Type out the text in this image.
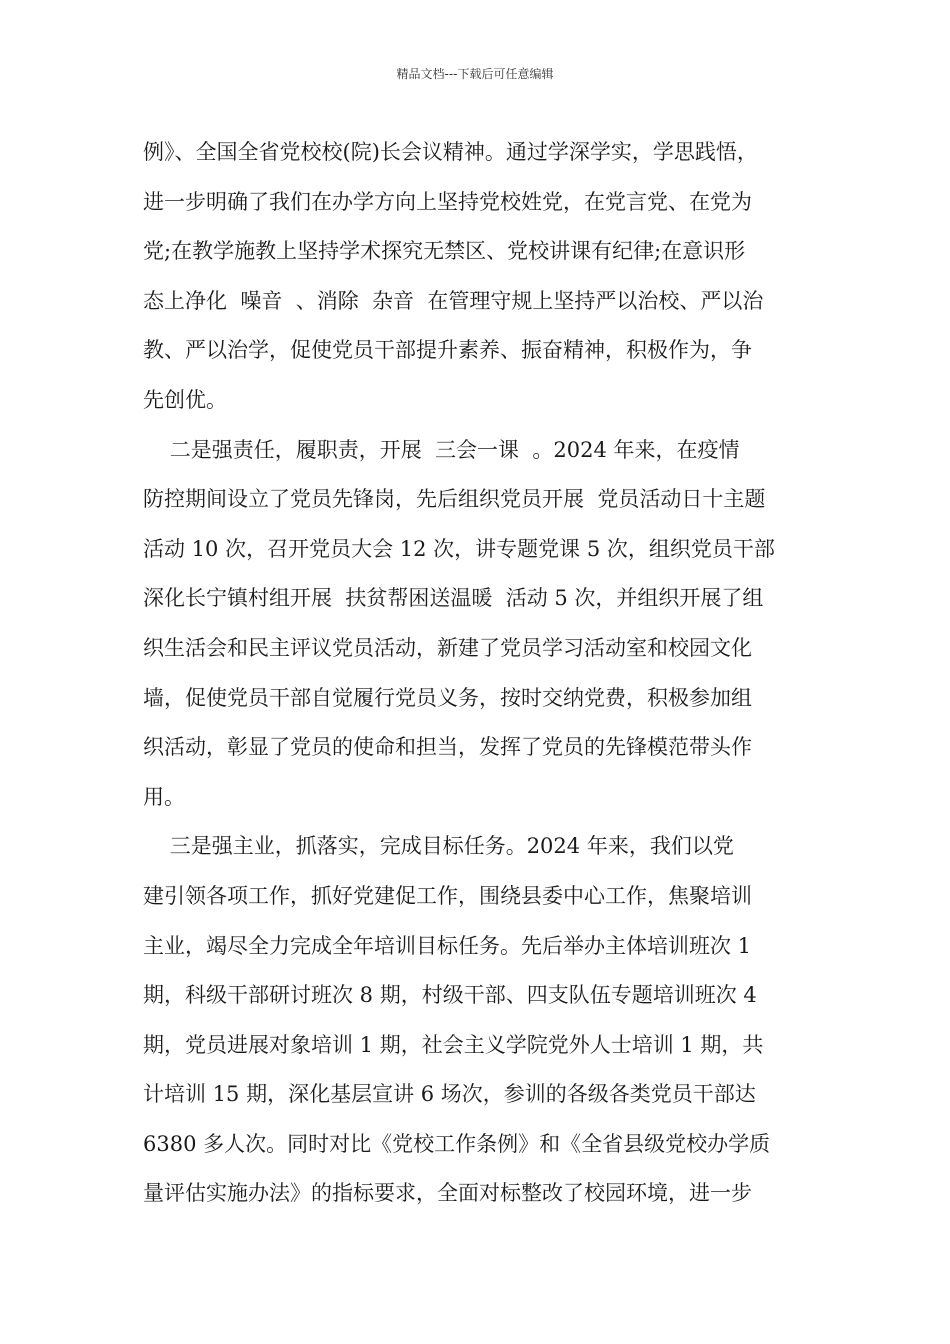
精品文档---下载后可任意编辑
例》、全国全省党校校(院)长会议精神。通过学深学实，学思践悟，
进一步明确了我们在办学方向上坚持党校姓党，在党言党、在党为
党;在教学施教上坚持学术探究无禁区、党校讲课有纪律;在意识形
态上净化  噪音  、消除  杂音  在管理守规上坚持严以治校、严以治
教、严以治学，促使党员干部提升素养、振奋精神，积极作为，争
先创优。
二是强责任，履职责，开展  三会一课  。2024 年来，在疫情
防控期间设立了党员先锋岗，先后组织党员开展  党员活动日十主题
活动 10 次，召开党员大会 12 次，讲专题党课 5 次，组织党员干部
深化长宁镇村组开展  扶贫帮困送温暖  活动 5 次，并组织开展了组
织生活会和民主评议党员活动，新建了党员学习活动室和校园文化
墙，促使党员干部自觉履行党员义务，按时交纳党费，积极参加组
织活动，彰显了党员的使命和担当，发挥了党员的先锋模范带头作
用。
三是强主业，抓落实，完成目标任务。2024 年来，我们以党
建引领各项工作，抓好党建促工作，围绕县委中心工作，焦聚培训
主业，竭尽全力完成全年培训目标任务。先后举办主体培训班次 1
期，科级干部研讨班次 8 期，村级干部、四支队伍专题培训班次 4
期，党员进展对象培训 1 期，社会主义学院党外人士培训 1 期，共
计培训 15 期，深化基层宣讲 6 场次，参训的各级各类党员干部达
6380 多人次。同时对比《党校工作条例》和《全省县级党校办学质
量评估实施办法》的指标要求，全面对标整改了校园环境，进一步
